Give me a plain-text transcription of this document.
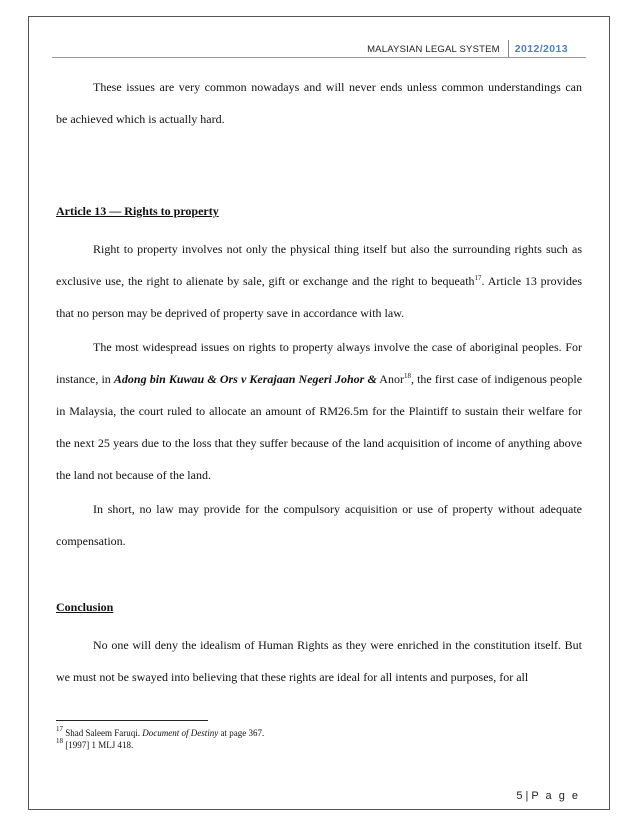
MALAYSIAN LEGAL SYSTEM	2012/2013

These issues are very common nowadays and will never ends unless common understandings can

be achieved which is actually hard.

Article 13 — Rights to property

Right to property involves not only the physical thing itself but also the surrounding rights such as exclusive use, the right to alienate by sale, gift or exchange and the right to bequeath$^{17}$. Article 13 provides that no person may be deprived of property save in accordance with law.

The most widespread issues on rights to property always involve the case of aboriginal peoples. For instance, in Adong bin Kuwau & Ors v Kerajaan Negeri Johor & Anor$^{18}$, the first case of indigenous people in Malaysia, the court ruled to allocate an amount of RM26.5m for the Plaintiff to sustain their welfare for the next 25 years due to the loss that they suffer because of the land acquisition of income of anything above the land not because of the land.

In short, no law may provide for the compulsory acquisition or use of property without adequate compensation.

Conclusion

No one will deny the idealism of Human Rights as they were enriched in the constitution itself. But we must not be swayed into believing that these rights are ideal for all intents and purposes, for all

$^{17}$ Shad Saleem Faruqi. Document of Destiny at page 367.
$^{18}$ [1997] 1 MLJ 418.
5 | P a g e
